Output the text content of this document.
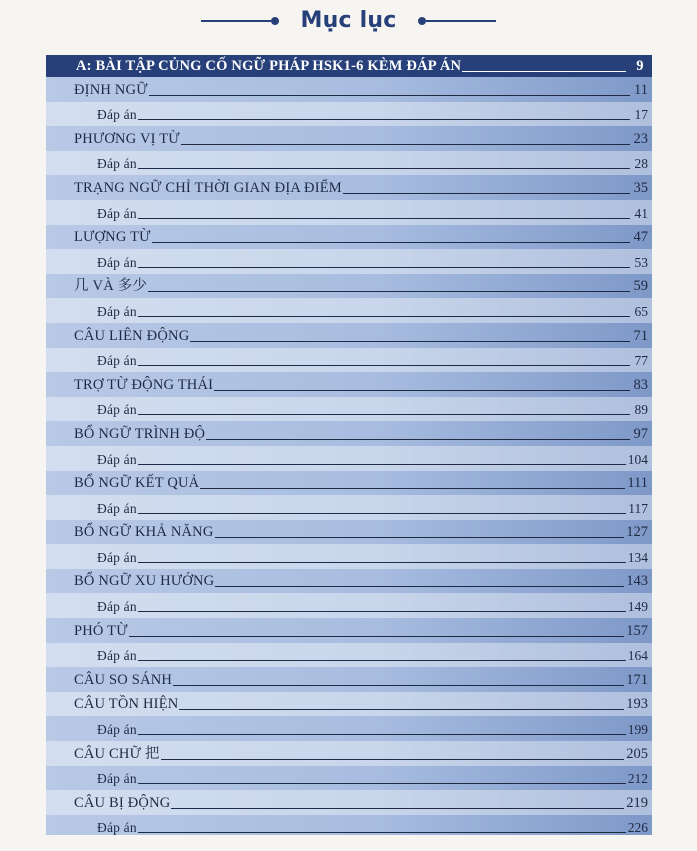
Mục lục
A: BÀI TẬP CỦNG CỐ NGỮ PHÁP HSK1-6 KÈM ĐÁP ÁN	9
ĐỊNH NGỮ	11
Đáp án	17
PHƯƠNG VỊ TỪ	23
Đáp án	28
TRẠNG NGỮ CHỈ THỜI GIAN ĐỊA ĐIỂM	35
Đáp án	41
LƯỢNG TỪ	47
Đáp án	53
几 VÀ 多少	59
Đáp án	65
CÂU LIÊN ĐỘNG	71
Đáp án	77
TRỢ TỪ ĐỘNG THÁI	83
Đáp án	89
BỔ NGỮ TRÌNH ĐỘ	97
Đáp án	104
BỔ NGỮ KẾT QUẢ	111
Đáp án	117
BỔ NGỮ KHẢ NĂNG	127
Đáp án	134
BỔ NGỮ XU HƯỚNG	143
Đáp án	149
PHÓ TỪ	157
Đáp án	164
CÂU SO SÁNH	171
CÂU TỒN HIỆN	193
Đáp án	199
CÂU CHỮ 把	205
Đáp án	212
CÂU BỊ ĐỘNG	219
Đáp án	226
